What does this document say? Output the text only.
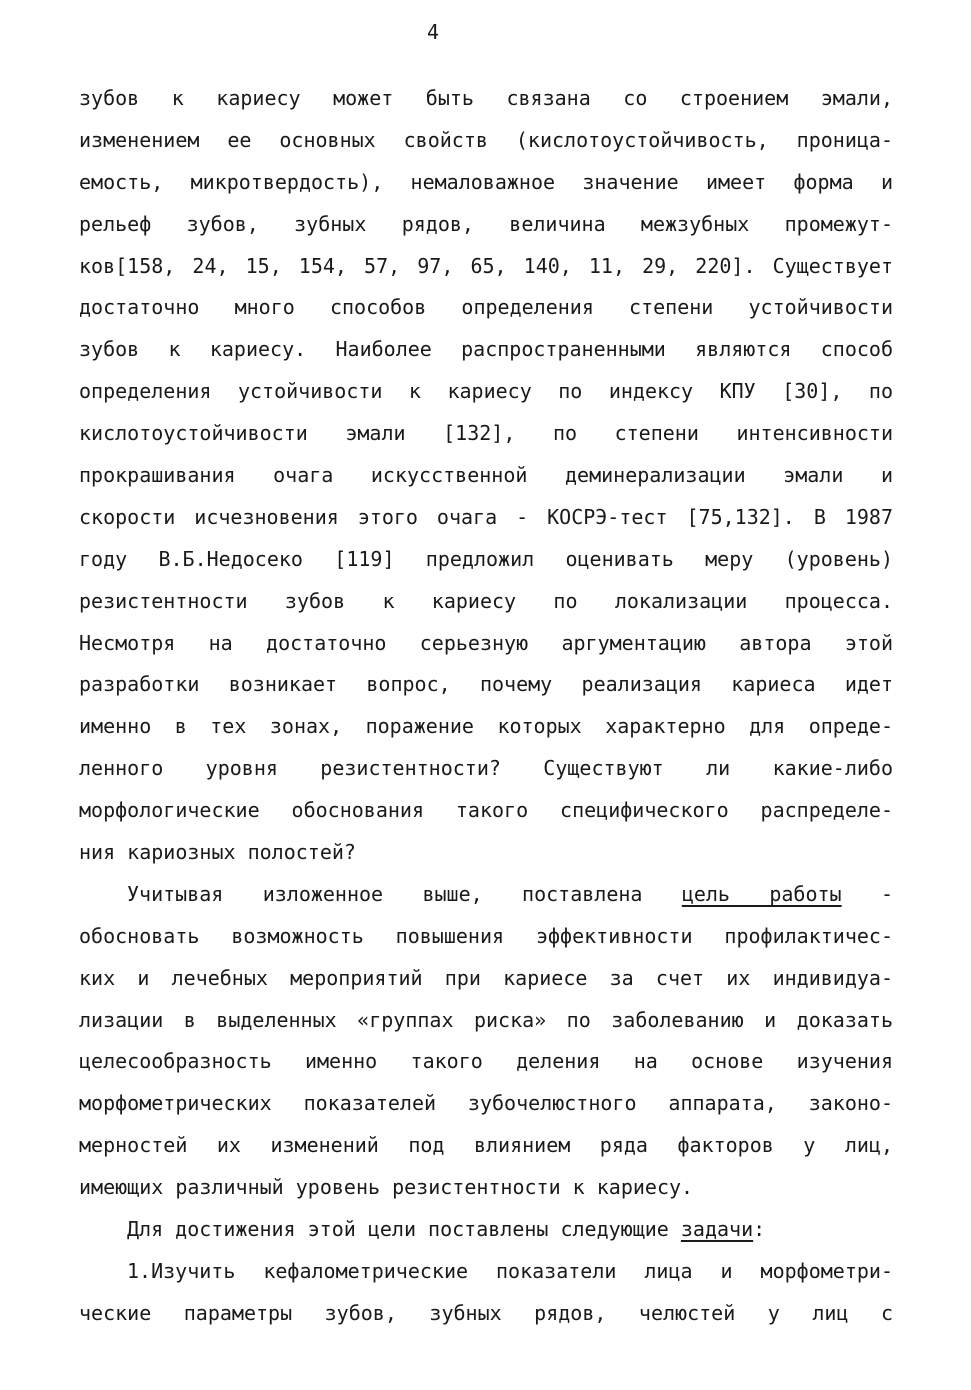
4
зубов к кариесу может быть связана со строением эмали,
изменением ее основных свойств (кислотоустойчивость, проница-
емость, микротвердость), немаловажное значение имеет форма и
рельеф зубов, зубных рядов, величина межзубных промежут-
ков[158, 24, 15, 154, 57, 97, 65, 140, 11, 29, 220]. Существует
достаточно много способов определения степени устойчивости
зубов к кариесу. Наиболее распространенными являются способ
определения устойчивости к кариесу по индексу КПУ [30], по
кислотоустойчивости эмали [132], по степени интенсивности
прокрашивания очага искусственной деминерализации эмали и
скорости исчезновения этого очага - КОСРЭ-тест [75,132]. В 1987
году В.Б.Недосеко [119] предложил оценивать меру (уровень)
резистентности зубов к кариесу по локализации процесса.
Несмотря на достаточно серьезную аргументацию автора этой
разработки возникает вопрос, почему реализация кариеса идет
именно в тех зонах, поражение которых характерно для опреде-
ленного уровня резистентности? Существуют ли какие-либо
морфологические обоснования такого специфического распределе-
ния кариозных полостей?
Учитывая изложенное выше, поставлена цель работы -
обосновать возможность повышения эффективности профилактичес-
ких и лечебных мероприятий при кариесе за счет их индивидуа-
лизации в выделенных «группах риска» по заболеванию и доказать
целесообразность именно такого деления на основе изучения
морфометрических показателей зубочелюстного аппарата, законо-
мерностей их изменений под влиянием ряда факторов у лиц,
имеющих различный уровень резистентности к кариесу.
Для достижения этой цели поставлены следующие задачи:
1.Изучить кефалометрические показатели лица и морфометри-
ческие параметры зубов, зубных рядов, челюстей у лиц с
